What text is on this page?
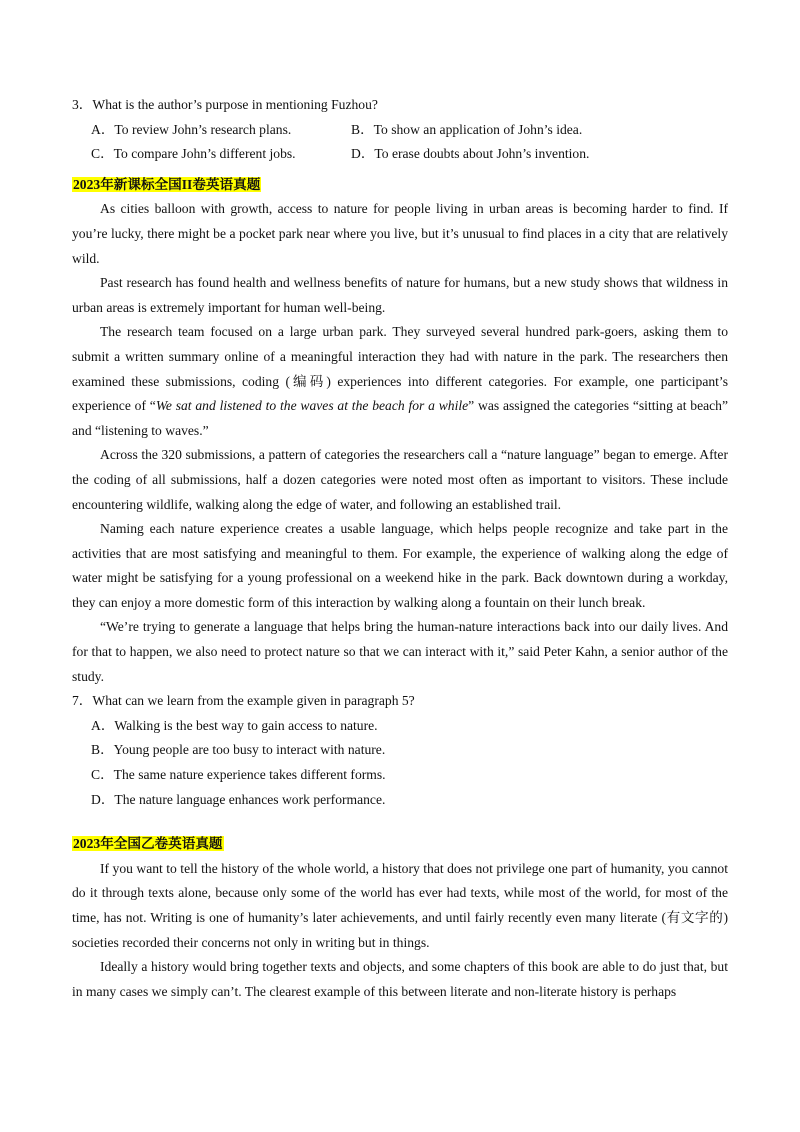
3．What is the author’s purpose in mentioning Fuzhou?

A．To review John’s research plans.	B．To show an application of John’s idea.
C．To compare John’s different jobs.	D．To erase doubts about John’s invention.

2023年新课标全国II卷英语真题

As cities balloon with growth, access to nature for people living in urban areas is becoming harder to find. If you’re lucky, there might be a pocket park near where you live, but it’s unusual to find places in a city that are relatively wild.

Past research has found health and wellness benefits of nature for humans, but a new study shows that wildness in urban areas is extremely important for human well-being.

The research team focused on a large urban park. They surveyed several hundred park-goers, asking them to submit a written summary online of a meaningful interaction they had with nature in the park. The researchers then examined these submissions, coding (编码) experiences into different categories. For example, one participant’s experience of “We sat and listened to the waves at the beach for a while” was assigned the categories “sitting at beach” and “listening to waves.”

Across the 320 submissions, a pattern of categories the researchers call a “nature language” began to emerge. After the coding of all submissions, half a dozen categories were noted most often as important to visitors. These include encountering wildlife, walking along the edge of water, and following an established trail.

Naming each nature experience creates a usable language, which helps people recognize and take part in the activities that are most satisfying and meaningful to them. For example, the experience of walking along the edge of water might be satisfying for a young professional on a weekend hike in the park. Back downtown during a workday, they can enjoy a more domestic form of this interaction by walking along a fountain on their lunch break.

“We’re trying to generate a language that helps bring the human-nature interactions back into our daily lives. And for that to happen, we also need to protect nature so that we can interact with it,” said Peter Kahn, a senior author of the study.

7．What can we learn from the example given in paragraph 5?

A．Walking is the best way to gain access to nature.

B．Young people are too busy to interact with nature.

C．The same nature experience takes different forms.

D．The nature language enhances work performance.

2023年全国乙卷英语真题

If you want to tell the history of the whole world, a history that does not privilege one part of humanity, you cannot do it through texts alone, because only some of the world has ever had texts, while most of the world, for most of the time, has not. Writing is one of humanity’s later achievements, and until fairly recently even many literate (有文字的) societies recorded their concerns not only in writing but in things.

Ideally a history would bring together texts and objects, and some chapters of this book are able to do just that, but in many cases we simply can’t. The clearest example of this between literate and non-literate history is perhaps
